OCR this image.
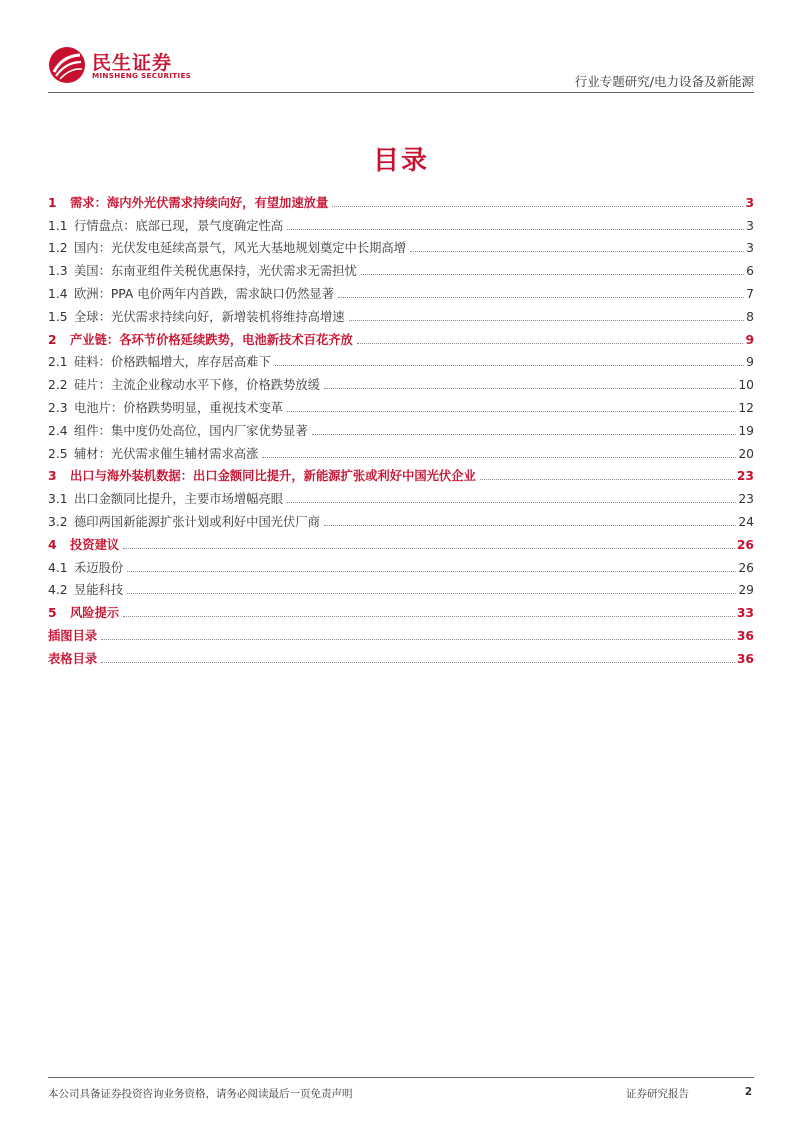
民生证券
MINSHENG SECURITIES	行业专题研究/电力设备及新能源
目录
1 需求：海内外光伏需求持续向好，有望加速放量	3
1.1 行情盘点：底部已现，景气度确定性高	3
1.2 国内：光伏发电延续高景气，风光大基地规划奠定中长期高增	3
1.3 美国：东南亚组件关税优惠保持，光伏需求无需担忧	6
1.4 欧洲：PPA 电价两年内首跌，需求缺口仍然显著	7
1.5 全球：光伏需求持续向好，新增装机将维持高增速	8
2 产业链：各环节价格延续跌势，电池新技术百花齐放	9
2.1 硅料：价格跌幅增大，库存居高难下	9
2.2 硅片：主流企业稼动水平下修，价格跌势放缓	10
2.3 电池片：价格跌势明显，重视技术变革	12
2.4 组件：集中度仍处高位，国内厂家优势显著	19
2.5 辅材：光伏需求催生辅材需求高涨	20
3 出口与海外装机数据：出口金额同比提升，新能源扩张或利好中国光伏企业	23
3.1 出口金额同比提升，主要市场增幅亮眼	23
3.2 德印两国新能源扩张计划或利好中国光伏厂商	24
4 投资建议	26
4.1 禾迈股份	26
4.2 昱能科技	29
5 风险提示	33
插图目录	36
表格目录	36
本公司具备证券投资咨询业务资格，请务必阅读最后一页免责声明	证券研究报告	2
